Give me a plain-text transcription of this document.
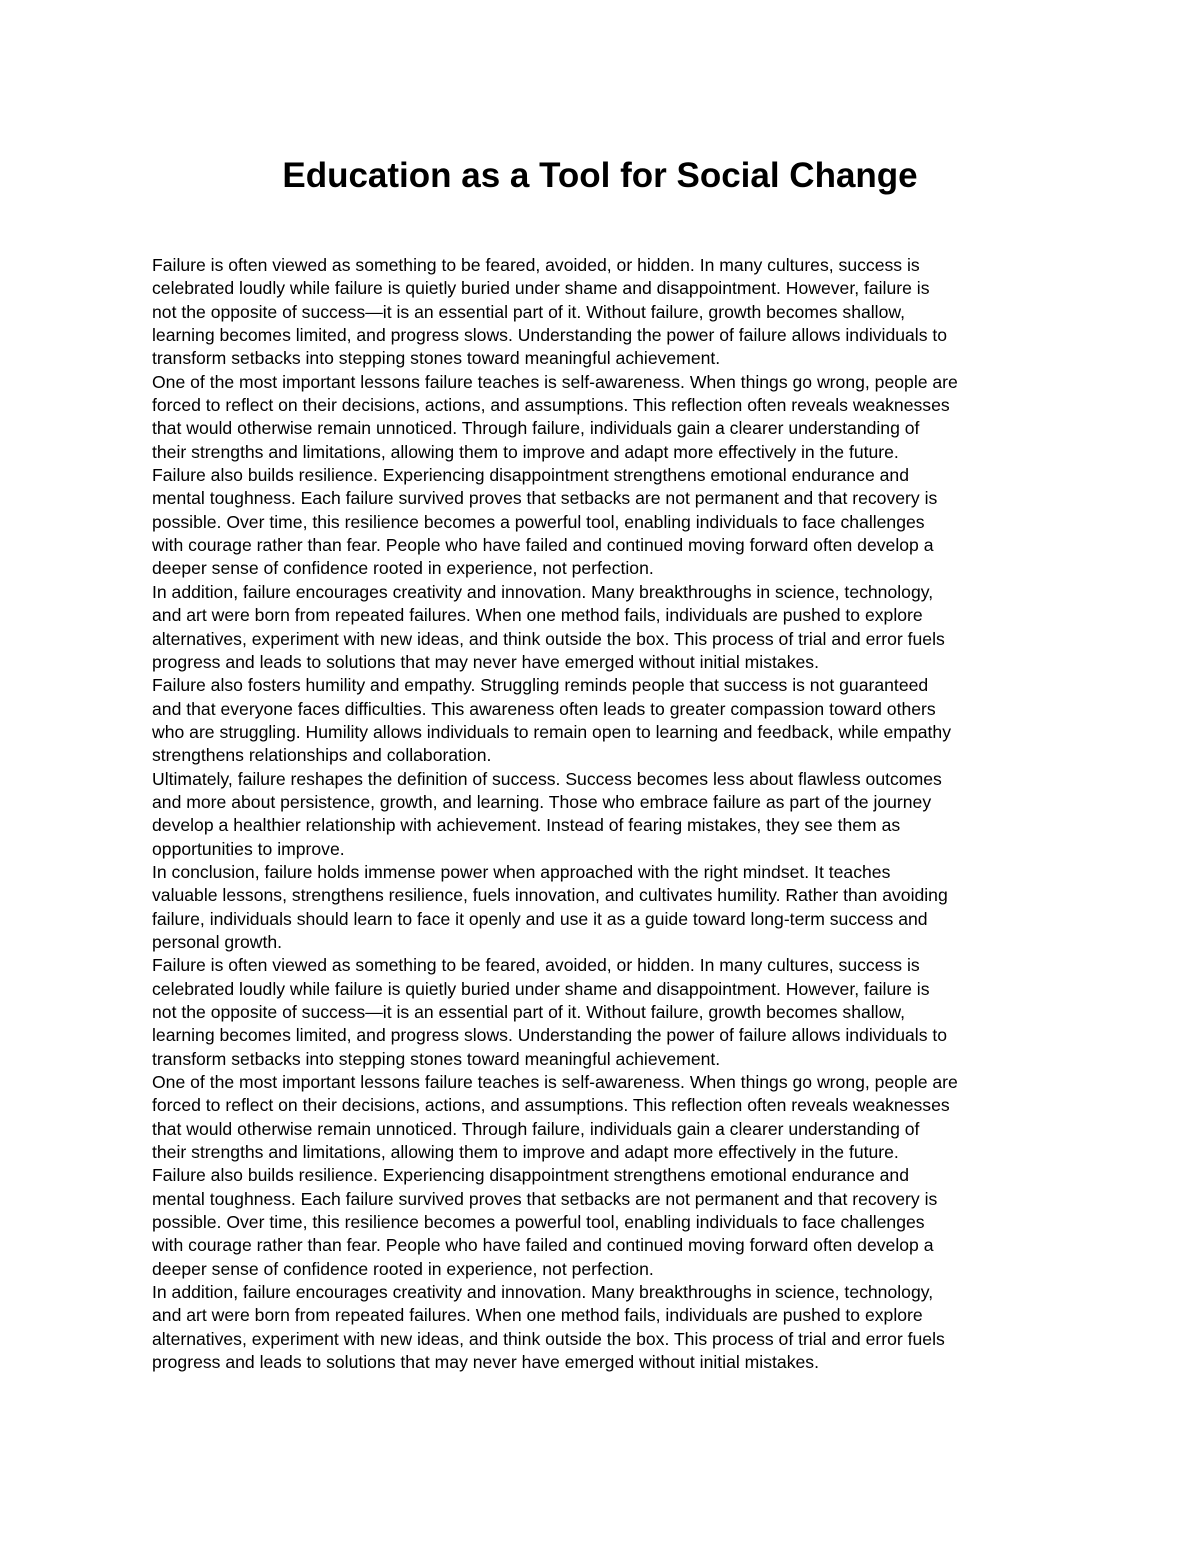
Education as a Tool for Social Change

Failure is often viewed as something to be feared, avoided, or hidden. In many cultures, success is
celebrated loudly while failure is quietly buried under shame and disappointment. However, failure is
not the opposite of success—it is an essential part of it. Without failure, growth becomes shallow,
learning becomes limited, and progress slows. Understanding the power of failure allows individuals to
transform setbacks into stepping stones toward meaningful achievement.

One of the most important lessons failure teaches is self-awareness. When things go wrong, people are
forced to reflect on their decisions, actions, and assumptions. This reflection often reveals weaknesses
that would otherwise remain unnoticed. Through failure, individuals gain a clearer understanding of
their strengths and limitations, allowing them to improve and adapt more effectively in the future.

Failure also builds resilience. Experiencing disappointment strengthens emotional endurance and
mental toughness. Each failure survived proves that setbacks are not permanent and that recovery is
possible. Over time, this resilience becomes a powerful tool, enabling individuals to face challenges
with courage rather than fear. People who have failed and continued moving forward often develop a
deeper sense of confidence rooted in experience, not perfection.

In addition, failure encourages creativity and innovation. Many breakthroughs in science, technology,
and art were born from repeated failures. When one method fails, individuals are pushed to explore
alternatives, experiment with new ideas, and think outside the box. This process of trial and error fuels
progress and leads to solutions that may never have emerged without initial mistakes.

Failure also fosters humility and empathy. Struggling reminds people that success is not guaranteed
and that everyone faces difficulties. This awareness often leads to greater compassion toward others
who are struggling. Humility allows individuals to remain open to learning and feedback, while empathy
strengthens relationships and collaboration.

Ultimately, failure reshapes the definition of success. Success becomes less about flawless outcomes
and more about persistence, growth, and learning. Those who embrace failure as part of the journey
develop a healthier relationship with achievement. Instead of fearing mistakes, they see them as
opportunities to improve.

In conclusion, failure holds immense power when approached with the right mindset. It teaches
valuable lessons, strengthens resilience, fuels innovation, and cultivates humility. Rather than avoiding
failure, individuals should learn to face it openly and use it as a guide toward long-term success and
personal growth.

Failure is often viewed as something to be feared, avoided, or hidden. In many cultures, success is
celebrated loudly while failure is quietly buried under shame and disappointment. However, failure is
not the opposite of success—it is an essential part of it. Without failure, growth becomes shallow,
learning becomes limited, and progress slows. Understanding the power of failure allows individuals to
transform setbacks into stepping stones toward meaningful achievement.

One of the most important lessons failure teaches is self-awareness. When things go wrong, people are
forced to reflect on their decisions, actions, and assumptions. This reflection often reveals weaknesses
that would otherwise remain unnoticed. Through failure, individuals gain a clearer understanding of
their strengths and limitations, allowing them to improve and adapt more effectively in the future.

Failure also builds resilience. Experiencing disappointment strengthens emotional endurance and
mental toughness. Each failure survived proves that setbacks are not permanent and that recovery is
possible. Over time, this resilience becomes a powerful tool, enabling individuals to face challenges
with courage rather than fear. People who have failed and continued moving forward often develop a
deeper sense of confidence rooted in experience, not perfection.

In addition, failure encourages creativity and innovation. Many breakthroughs in science, technology,
and art were born from repeated failures. When one method fails, individuals are pushed to explore
alternatives, experiment with new ideas, and think outside the box. This process of trial and error fuels
progress and leads to solutions that may never have emerged without initial mistakes.
